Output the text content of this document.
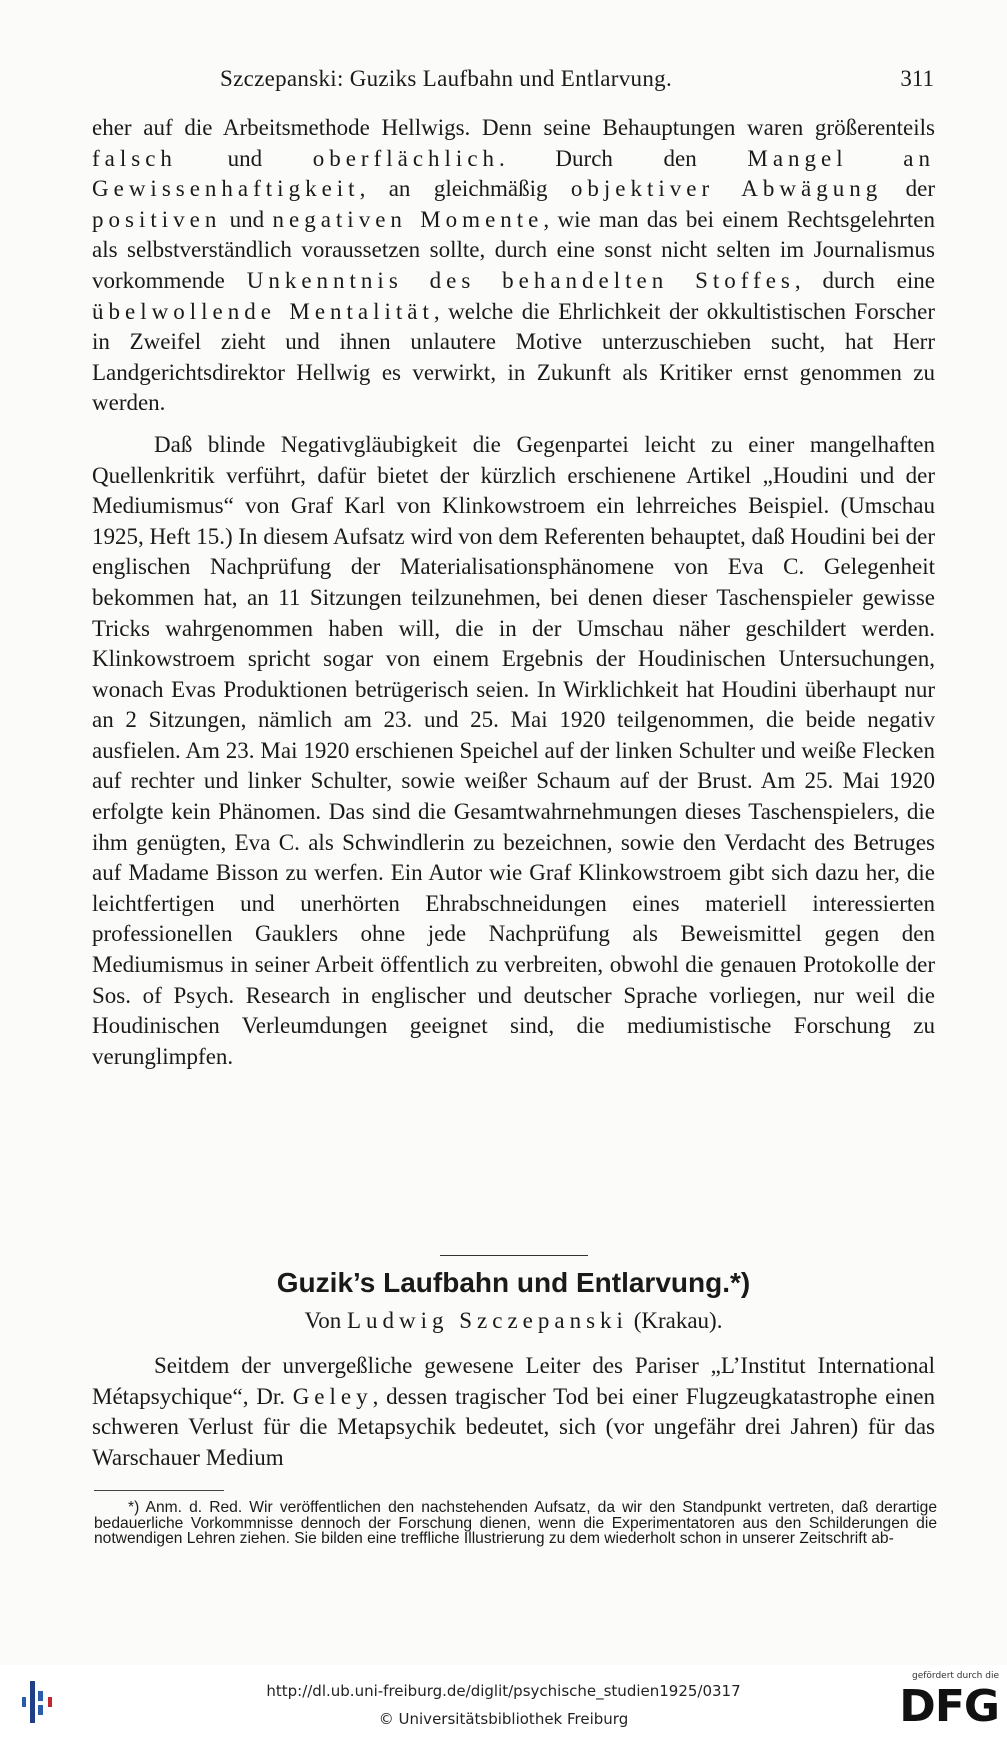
Szczepanski: Guziks Laufbahn und Entlarvung.	311

eher auf die Arbeitsmethode Hellwigs. Denn seine Behauptungen waren größerenteils falsch und oberflächlich. Durch den Mangel an Gewissenhaftigkeit, an gleichmäßig objektiver Abwägung der positiven und negativen Momente, wie man das bei einem Rechtsgelehrten als selbstverständlich voraussetzen sollte, durch eine sonst nicht selten im Journalismus vorkommende Unkenntnis des behandelten Stoffes, durch eine übelwollende Mentalität, welche die Ehrlichkeit der okkultistischen Forscher in Zweifel zieht und ihnen unlautere Motive unterzuschieben sucht, hat Herr Landgerichtsdirektor Hellwig es verwirkt, in Zukunft als Kritiker ernst genommen zu werden.

Daß blinde Negativgläubigkeit die Gegenpartei leicht zu einer mangelhaften Quellenkritik verführt, dafür bietet der kürzlich erschienene Artikel „Houdini und der Mediumismus“ von Graf Karl von Klinkowstroem ein lehrreiches Beispiel. (Umschau 1925, Heft 15.) In diesem Aufsatz wird von dem Referenten behauptet, daß Houdini bei der englischen Nachprüfung der Materialisationsphänomene von Eva C. Gelegenheit bekommen hat, an 11 Sitzungen teilzunehmen, bei denen dieser Taschenspieler gewisse Tricks wahrgenommen haben will, die in der Umschau näher geschildert werden. Klinkowstroem spricht sogar von einem Ergebnis der Houdinischen Untersuchungen, wonach Evas Produktionen betrügerisch seien. In Wirklichkeit hat Houdini überhaupt nur an 2 Sitzungen, nämlich am 23. und 25. Mai 1920 teilgenommen, die beide negativ ausfielen. Am 23. Mai 1920 erschienen Speichel auf der linken Schulter und weiße Flecken auf rechter und linker Schulter, sowie weißer Schaum auf der Brust. Am 25. Mai 1920 erfolgte kein Phänomen. Das sind die Gesamtwahrnehmungen dieses Taschenspielers, die ihm genügten, Eva C. als Schwindlerin zu bezeichnen, sowie den Verdacht des Betruges auf Madame Bisson zu werfen. Ein Autor wie Graf Klinkowstroem gibt sich dazu her, die leichtfertigen und unerhörten Ehrabschneidungen eines materiell interessierten professionellen Gauklers ohne jede Nachprüfung als Beweismittel gegen den Mediumismus in seiner Arbeit öffentlich zu verbreiten, obwohl die genauen Protokolle der Sos. of Psych. Research in englischer und deutscher Sprache vorliegen, nur weil die Houdinischen Verleumdungen geeignet sind, die mediumistische Forschung zu verunglimpfen.

Guzik’s Laufbahn und Entlarvung.*)
Von Ludwig Szczepanski (Krakau).

Seitdem der unvergeßliche gewesene Leiter des Pariser „L’Institut International Métapsychique“, Dr. Geley, dessen tragischer Tod bei einer Flugzeugkatastrophe einen schweren Verlust für die Metapsychik bedeutet, sich (vor ungefähr drei Jahren) für das Warschauer Medium

*) Anm. d. Red. Wir veröffentlichen den nachstehenden Aufsatz, da wir den Standpunkt vertreten, daß derartige bedauerliche Vorkommnisse dennoch der Forschung dienen, wenn die Experimentatoren aus den Schilderungen die notwendigen Lehren ziehen. Sie bilden eine treffliche Illustrierung zu dem wiederholt schon in unserer Zeitschrift ab-

http://dl.ub.uni-freiburg.de/diglit/psychische_studien1925/0317
© Universitätsbibliothek Freiburg
gefördert durch die
DFG
